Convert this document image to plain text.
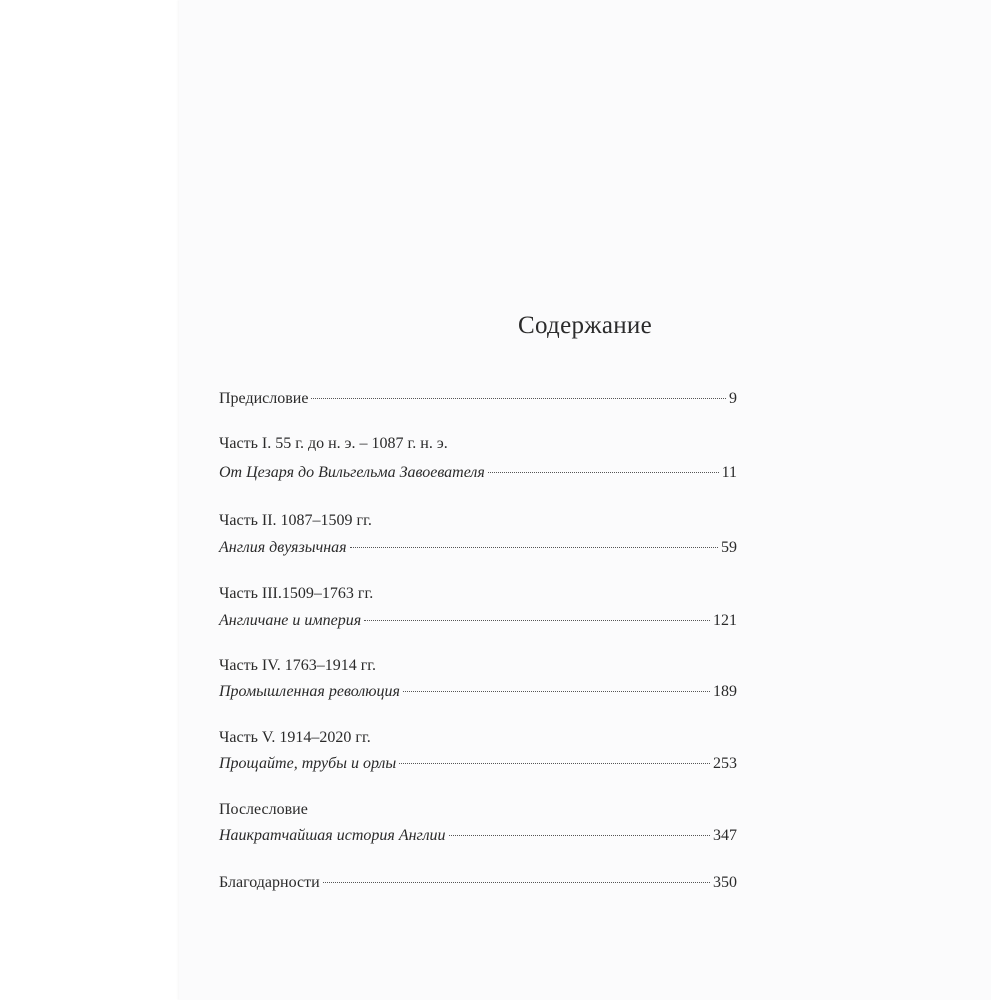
Содержание
Предисловие	9
Часть I. 55 г. до н. э. – 1087 г. н. э.
От Цезаря до Вильгельма Завоевателя	11
Часть II. 1087–1509 гг.
Англия двуязычная	59
Часть III.1509–1763 гг.
Англичане и империя	121
Часть IV. 1763–1914 гг.
Промышленная революция	189
Часть V. 1914–2020 гг.
Прощайте, трубы и орлы	253
Послесловие
Наикратчайшая история Англии	347
Благодарности	350
